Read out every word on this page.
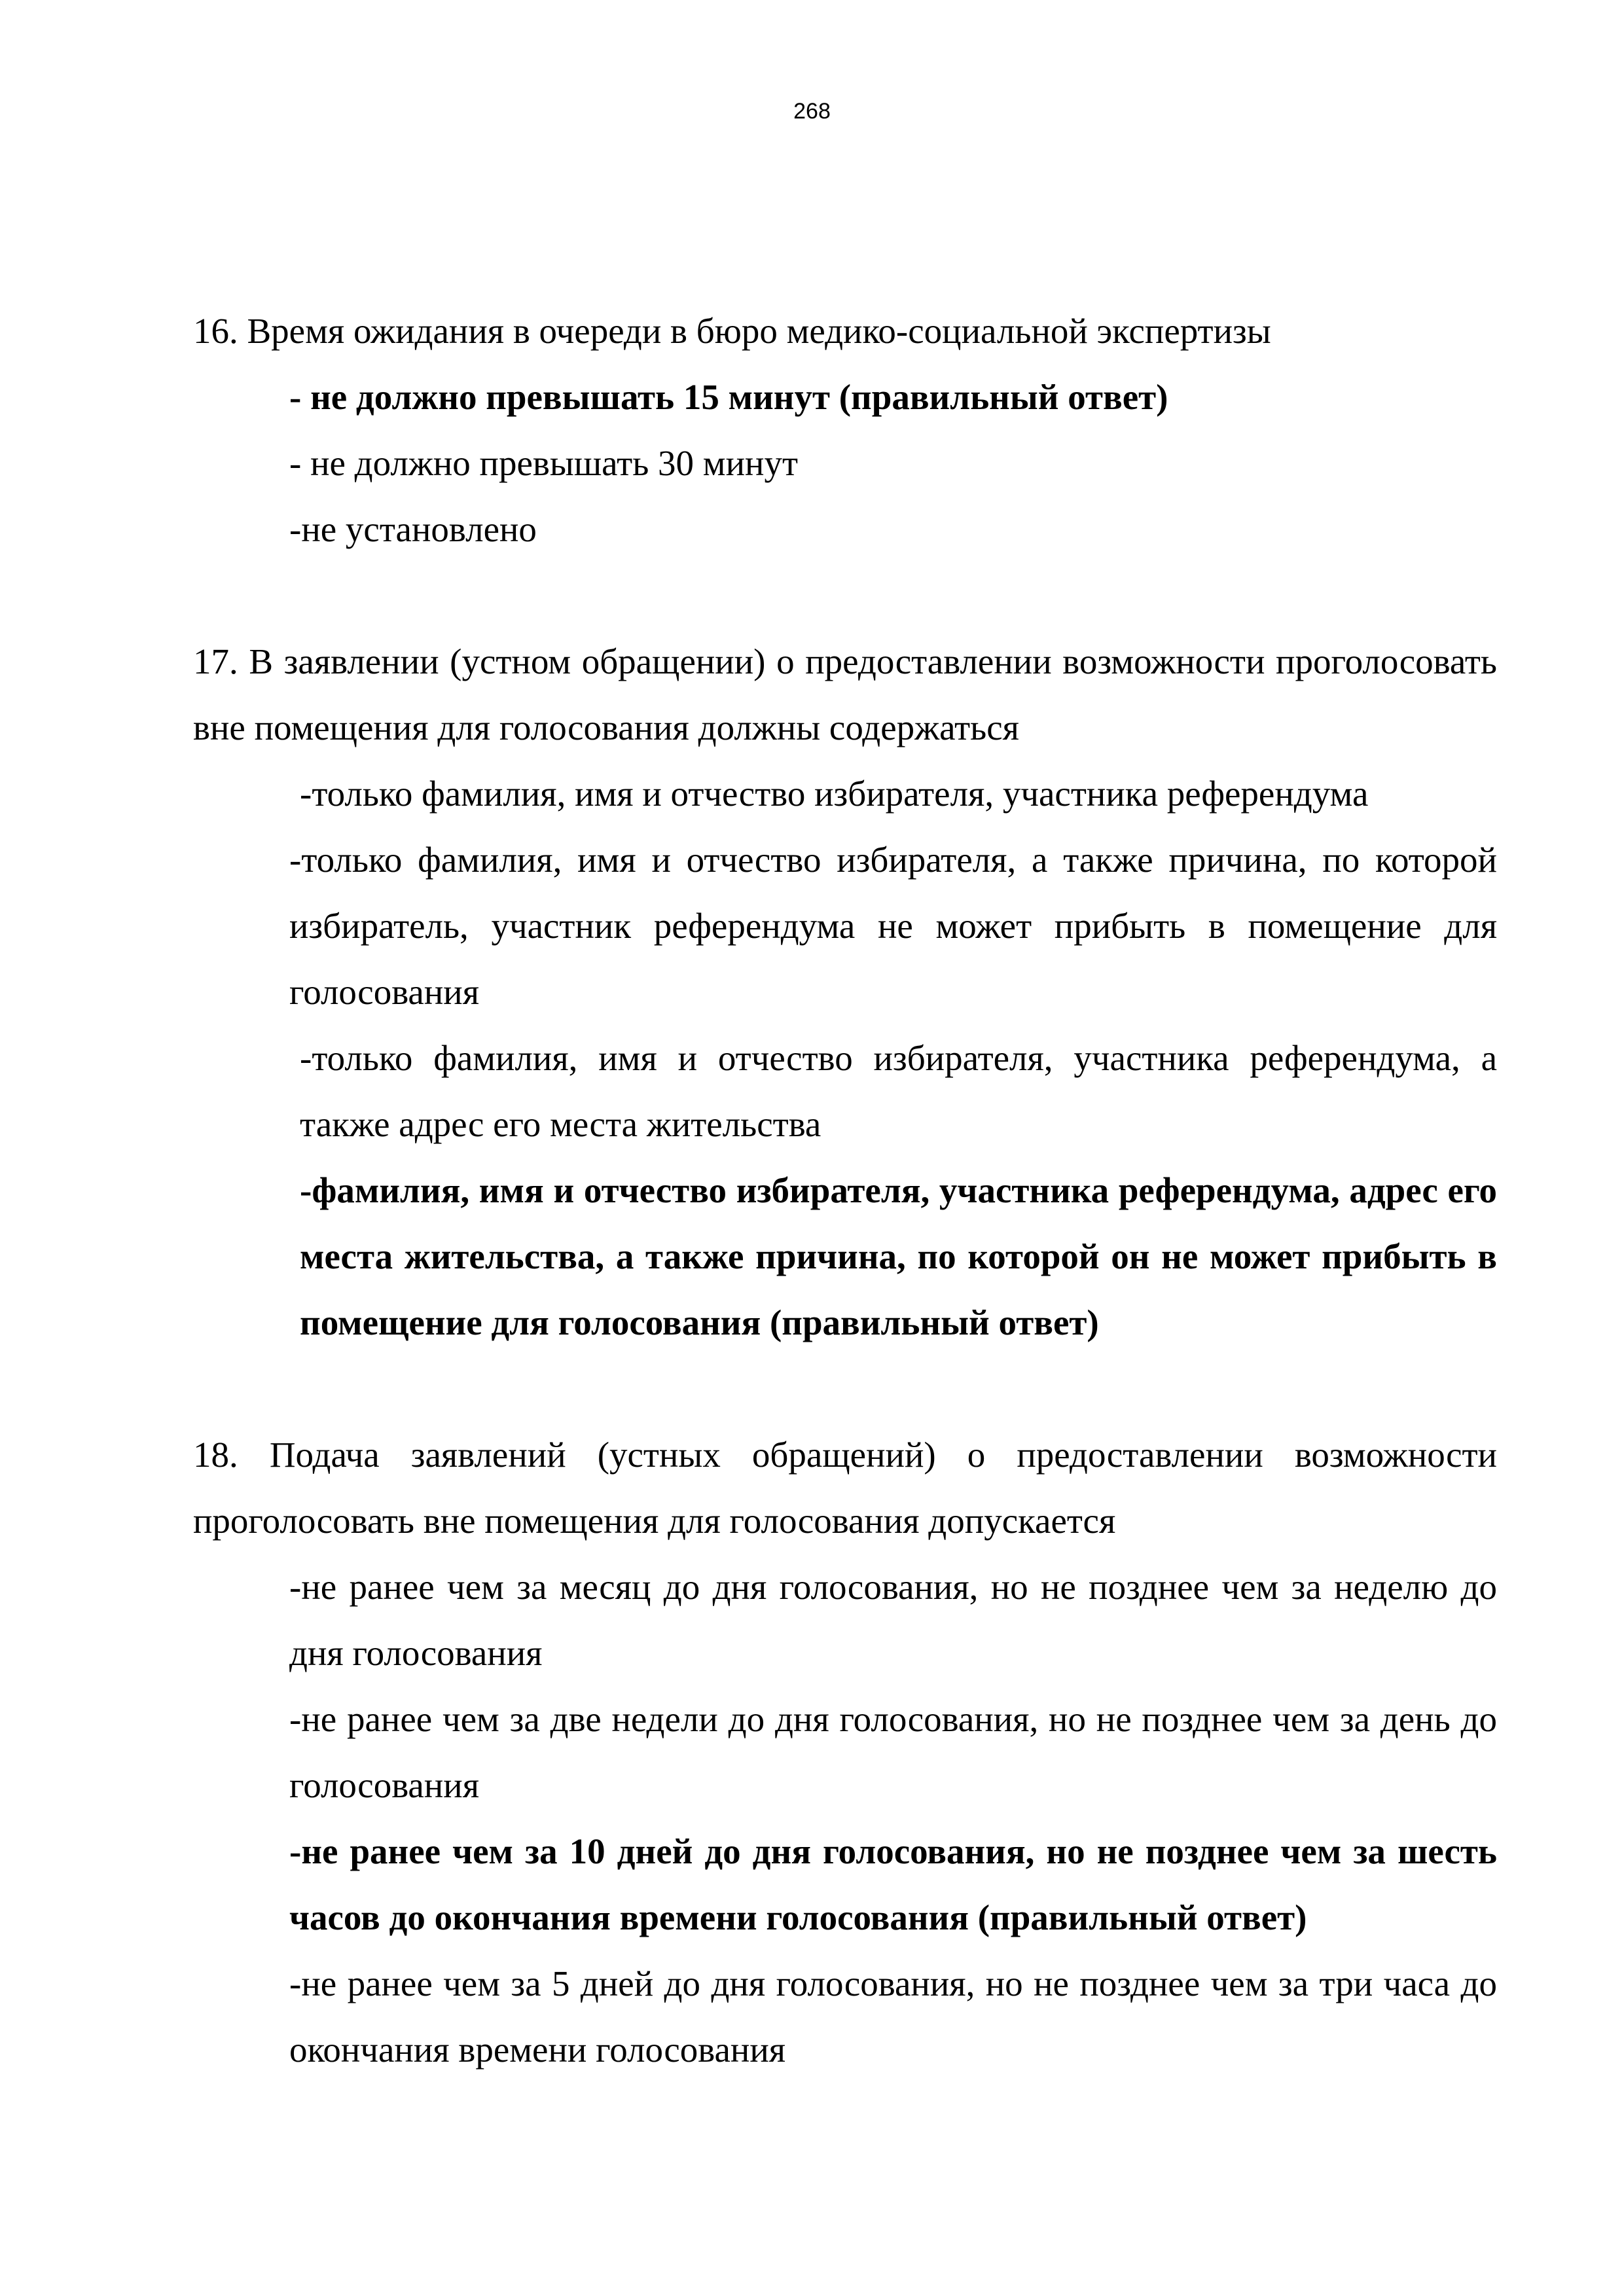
268

16. Время ожидания в очереди в бюро медико-социальной экспертизы

- не должно превышать 15 минут (правильный ответ)
- не должно превышать 30 минут
-не установлено

17. В заявлении (устном обращении) о предоставлении возможности проголосовать вне помещения для голосования должны содержаться

-только фамилия, имя и отчество избирателя, участника референдума
-только фамилия, имя и отчество избирателя, а также причина, по которой избиратель, участник референдума не может прибыть в помещение для голосования
-только фамилия, имя и отчество избирателя, участника референдума, а также адрес его места жительства
-фамилия, имя и отчество избирателя, участника референдума, адрес его места жительства, а также причина, по которой он не может прибыть в помещение для голосования (правильный ответ)

18. Подача заявлений (устных обращений) о предоставлении возможности проголосовать вне помещения для голосования допускается

-не ранее чем за месяц до дня голосования, но не позднее чем за неделю до дня голосования
-не ранее чем за две недели до дня голосования, но не позднее чем за день до голосования
-не ранее чем за 10 дней до дня голосования, но не позднее чем за шесть часов до окончания времени голосования (правильный ответ)
-не ранее чем за 5 дней до дня голосования, но не позднее чем за три часа до окончания времени голосования
